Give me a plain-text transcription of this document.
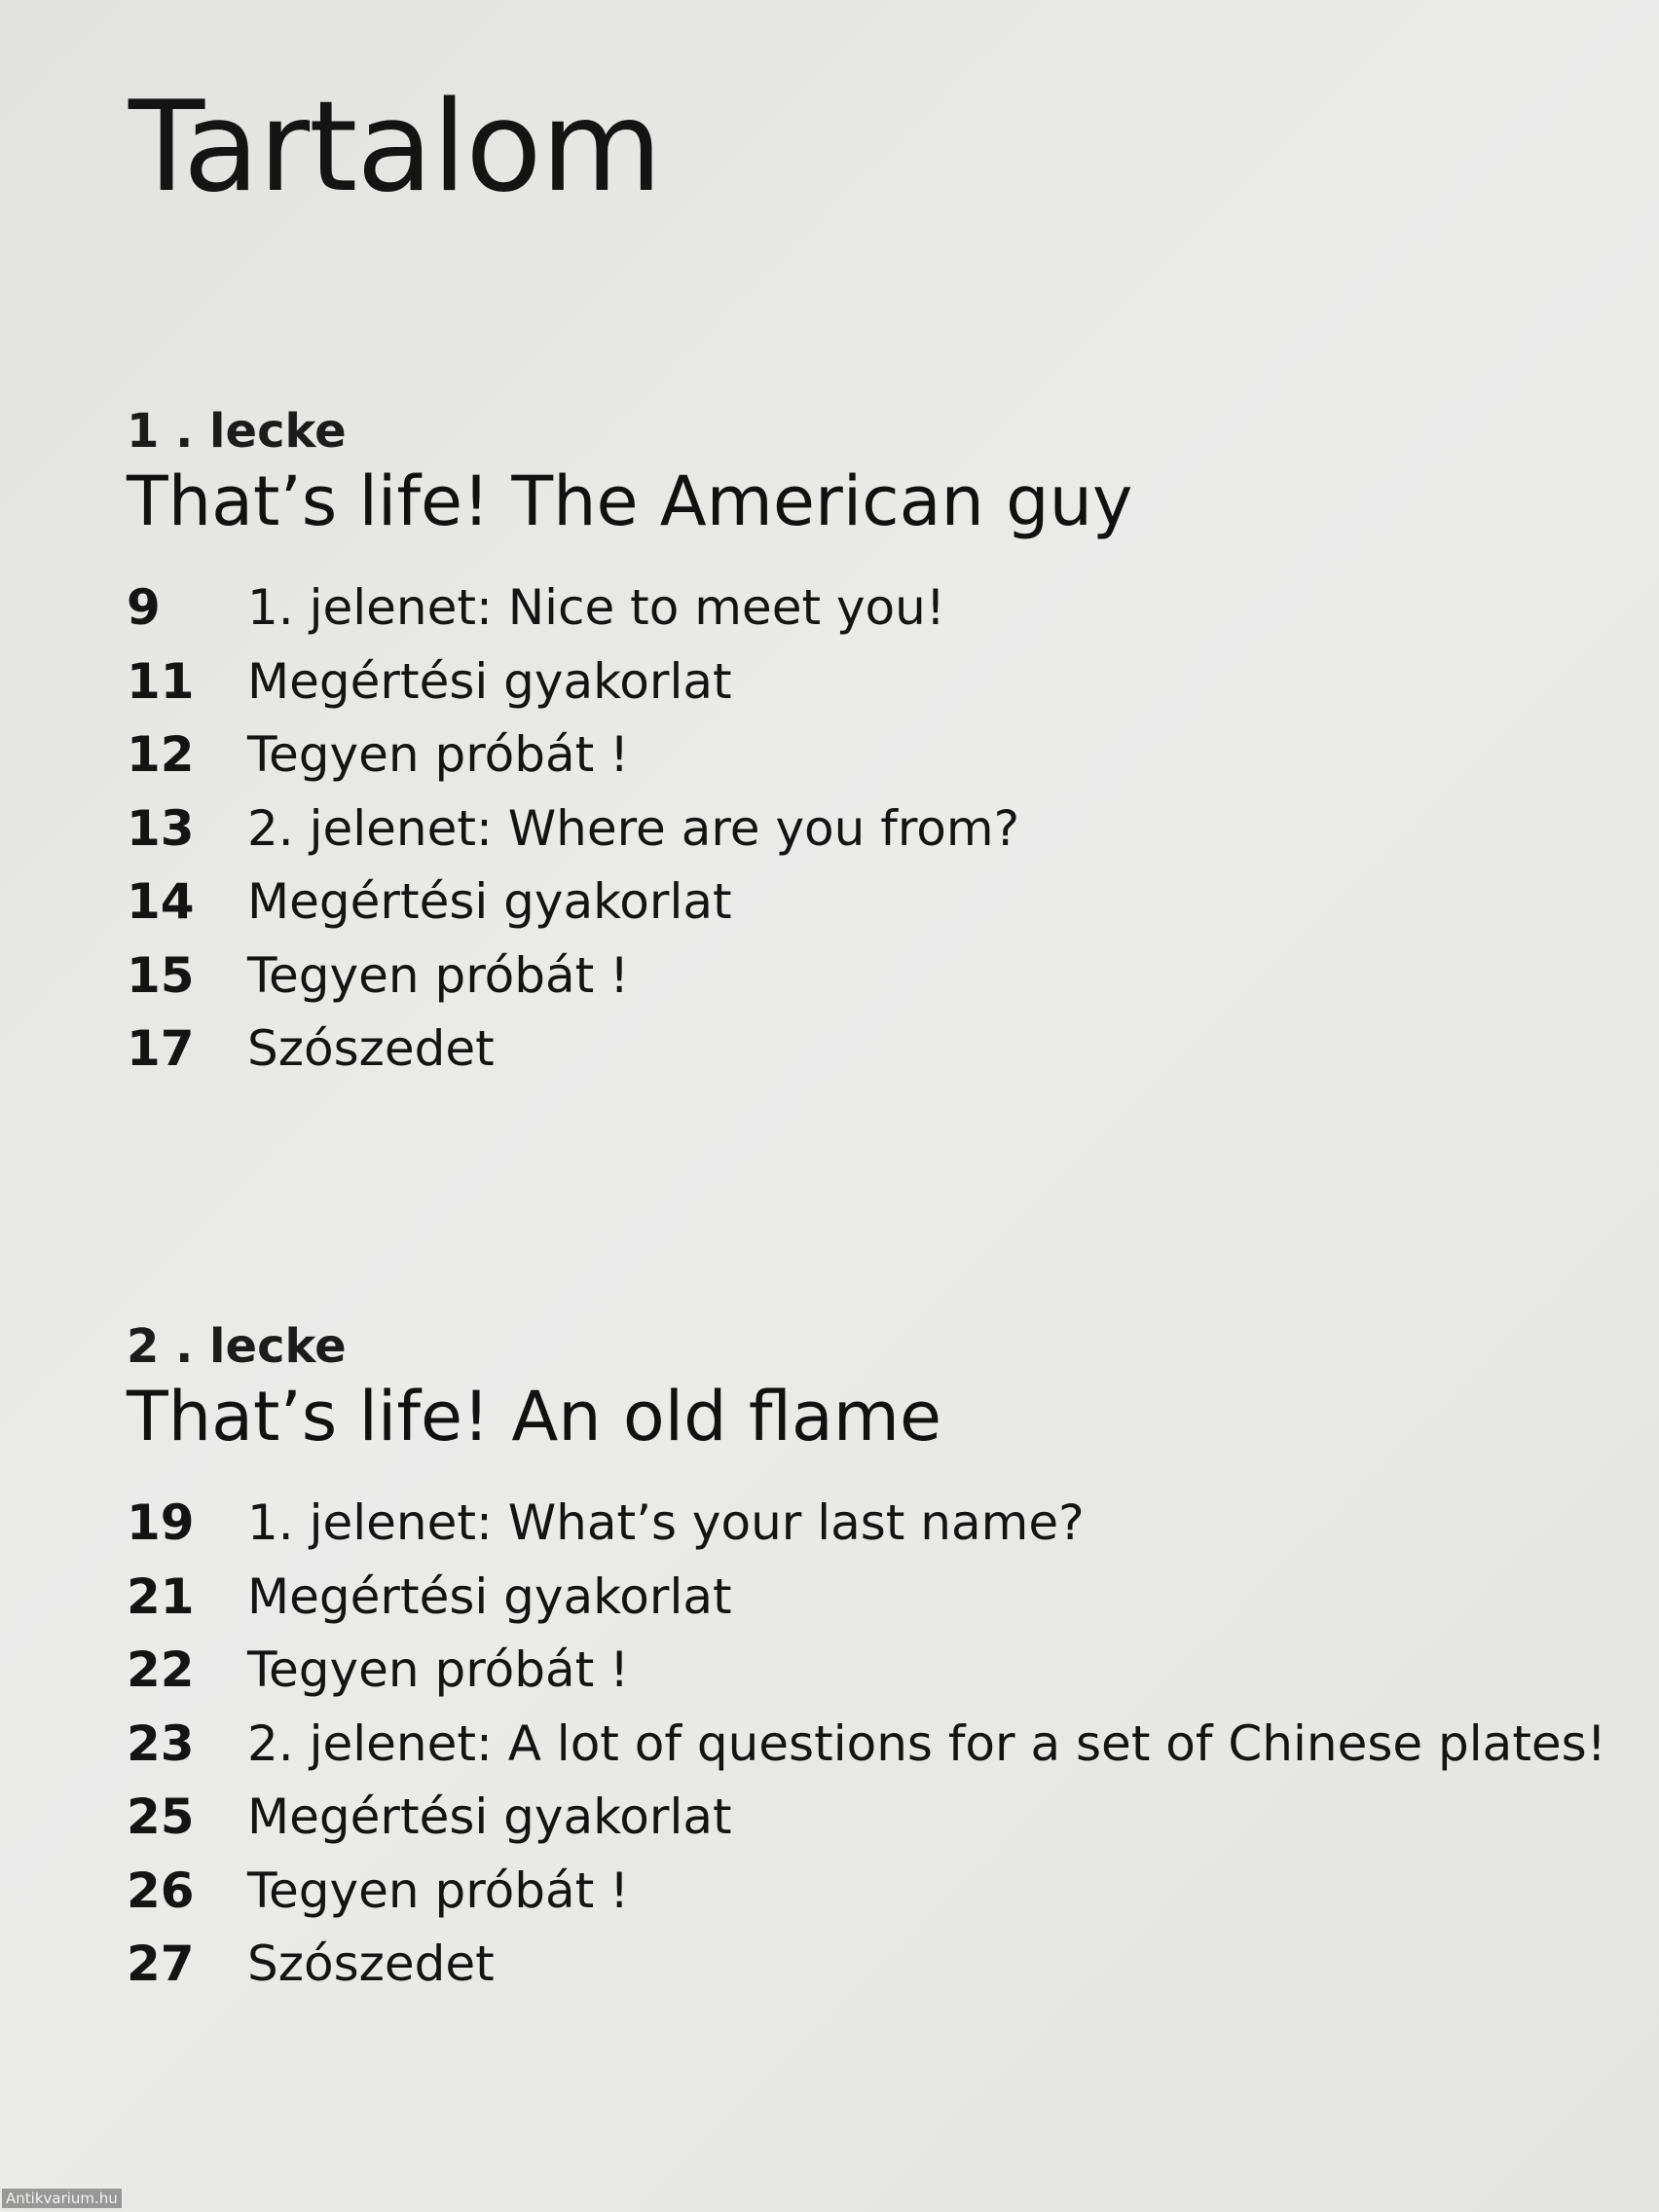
Tartalom
1 . lecke
That’s life! The American guy
9	1. jelenet: Nice to meet you!
11	Megértési gyakorlat
12	Tegyen próbát !
13	2. jelenet: Where are you from?
14	Megértési gyakorlat
15	Tegyen próbát !
17	Szószedet
2 . lecke
That’s life! An old flame
19	1. jelenet: What’s your last name?
21	Megértési gyakorlat
22	Tegyen próbát !
23	2. jelenet: A lot of questions for a set of Chinese plates!
25	Megértési gyakorlat
26	Tegyen próbát !
27	Szószedet
Antikvarium.hu
